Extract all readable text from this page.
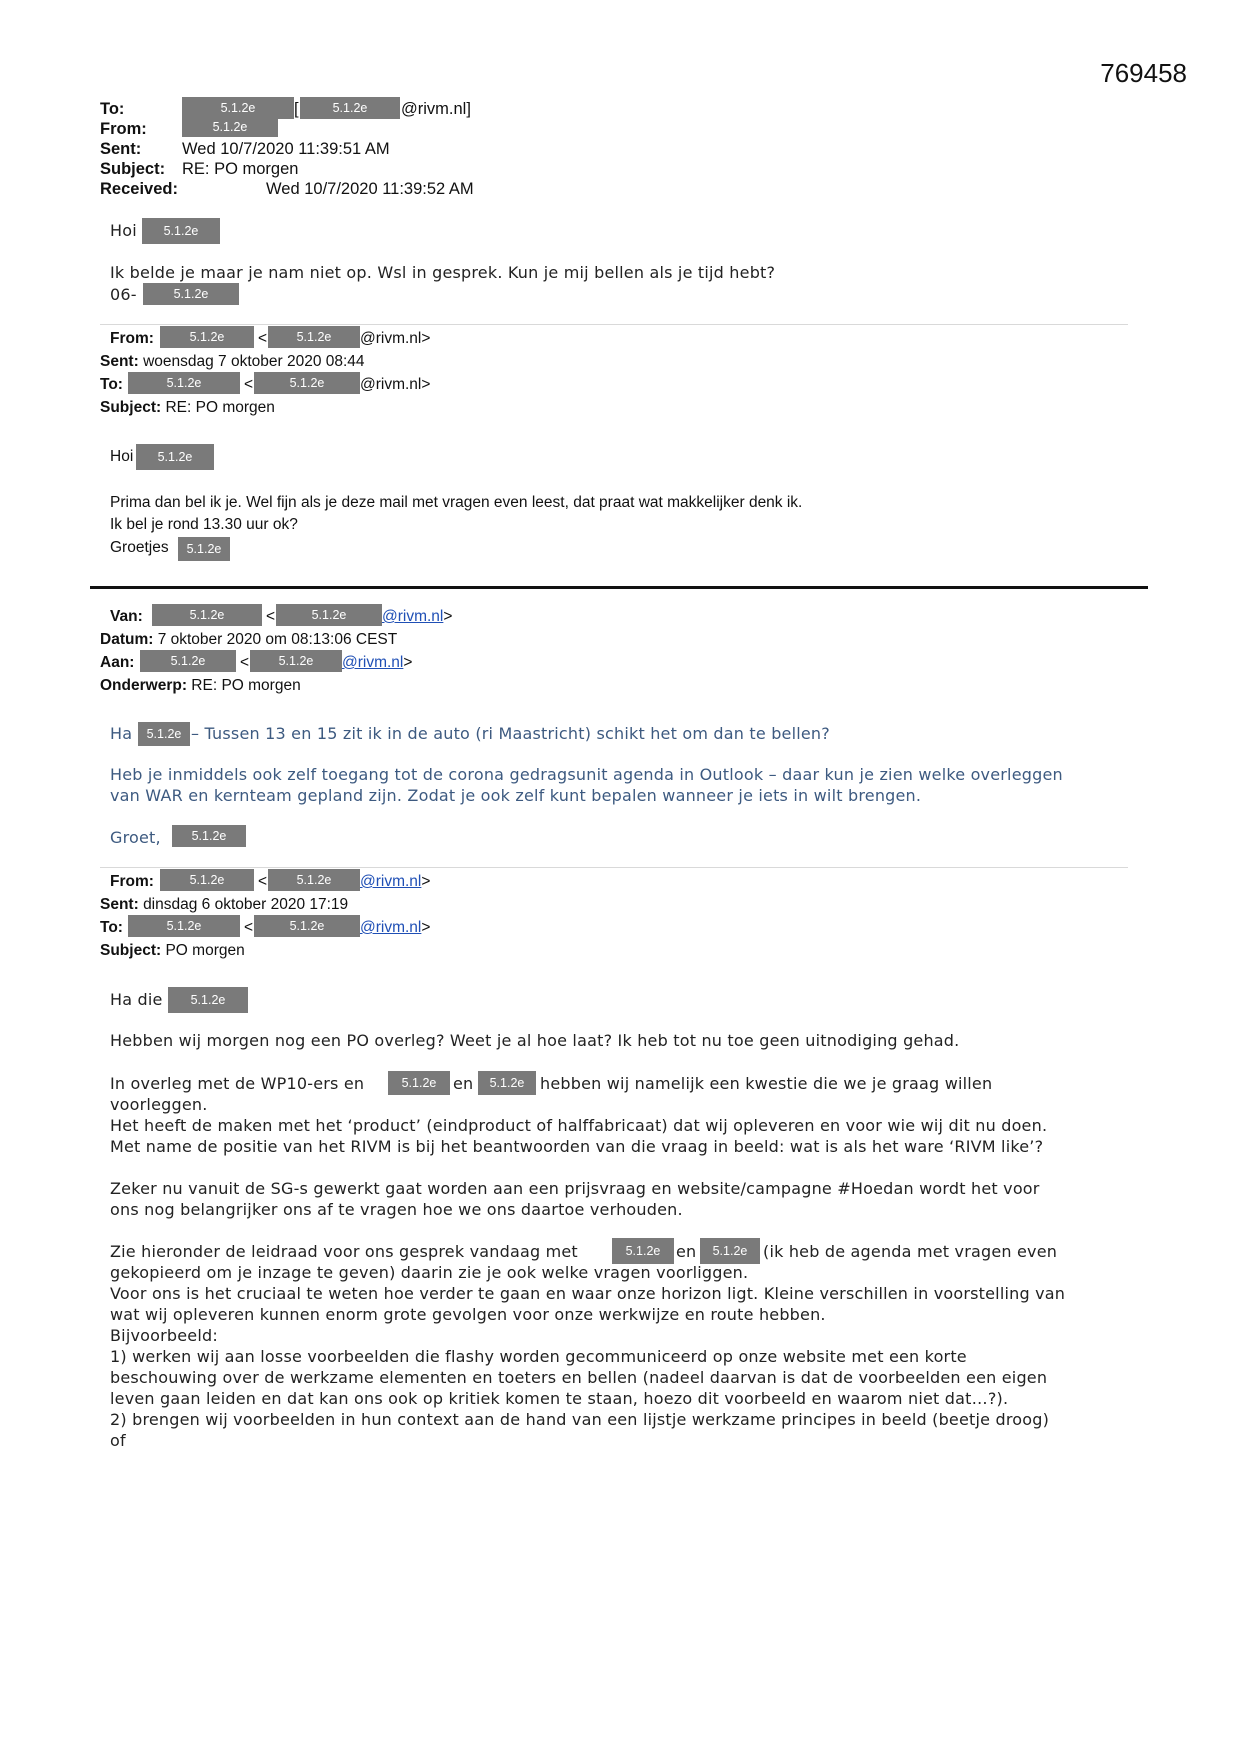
769458
To:	5.1.2e	[	5.1.2e	@rivm.nl]
From:	5.1.2e
Sent: Wed 10/7/2020 11:39:51 AM
Subject: RE: PO morgen
Received:	Wed 10/7/2020 11:39:52 AM
Hoi	5.1.2e
Ik belde je maar je nam niet op. Wsl in gesprek. Kun je mij bellen als je tijd hebt?
06-	5.1.2e
From:	5.1.2e	<	5.1.2e	@rivm.nl>
Sent: woensdag 7 oktober 2020 08:44
To:	5.1.2e	<	5.1.2e	@rivm.nl>
Subject: RE: PO morgen
Hoi	5.1.2e
Prima dan bel ik je. Wel fijn als je deze mail met vragen even leest, dat praat wat makkelijker denk ik.
Ik bel je rond 13.30 uur ok?
Groetjes	5.1.2e
Van:	5.1.2e	<	5.1.2e	@rivm.nl>
Datum: 7 oktober 2020 om 08:13:06 CEST
Aan:	5.1.2e	<	5.1.2e	@rivm.nl>
Onderwerp: RE: PO morgen
Ha	5.1.2e – Tussen 13 en 15 zit ik in de auto (ri Maastricht) schikt het om dan te bellen?
Heb je inmiddels ook zelf toegang tot de corona gedragsunit agenda in Outlook – daar kun je zien welke overleggen
van WAR en kernteam gepland zijn. Zodat je ook zelf kunt bepalen wanneer je iets in wilt brengen.
Groet,	5.1.2e
From:	5.1.2e	<	5.1.2e	@rivm.nl>
Sent: dinsdag 6 oktober 2020 17:19
To:	5.1.2e	<	5.1.2e	@rivm.nl>
Subject: PO morgen
Ha die	5.1.2e
Hebben wij morgen nog een PO overleg? Weet je al hoe laat? Ik heb tot nu toe geen uitnodiging gehad.
In overleg met de WP10-ers en	5.1.2e	en	5.1.2e hebben wij namelijk een kwestie die we je graag willen
voorleggen.
Het heeft de maken met het ‘product’ (eindproduct of halffabricaat) dat wij opleveren en voor wie wij dit nu doen.
Met name de positie van het RIVM is bij het beantwoorden van die vraag in beeld: wat is als het ware ‘RIVM like’?
Zeker nu vanuit de SG-s gewerkt gaat worden aan een prijsvraag en website/campagne #Hoedan wordt het voor
ons nog belangrijker ons af te vragen hoe we ons daartoe verhouden.
Zie hieronder de leidraad voor ons gesprek vandaag met	5.1.2e en	5.1.2e (ik heb de agenda met vragen even
gekopieerd om je inzage te geven) daarin zie je ook welke vragen voorliggen.
Voor ons is het cruciaal te weten hoe verder te gaan en waar onze horizon ligt. Kleine verschillen in voorstelling van
wat wij opleveren kunnen enorm grote gevolgen voor onze werkwijze en route hebben.
Bijvoorbeeld:
1) werken wij aan losse voorbeelden die flashy worden gecommuniceerd op onze website met een korte
beschouwing over de werkzame elementen en toeters en bellen (nadeel daarvan is dat de voorbeelden een eigen
leven gaan leiden en dat kan ons ook op kritiek komen te staan, hoezo dit voorbeeld en waarom niet dat…?).
2) brengen wij voorbeelden in hun context aan de hand van een lijstje werkzame principes in beeld (beetje droog)
of
